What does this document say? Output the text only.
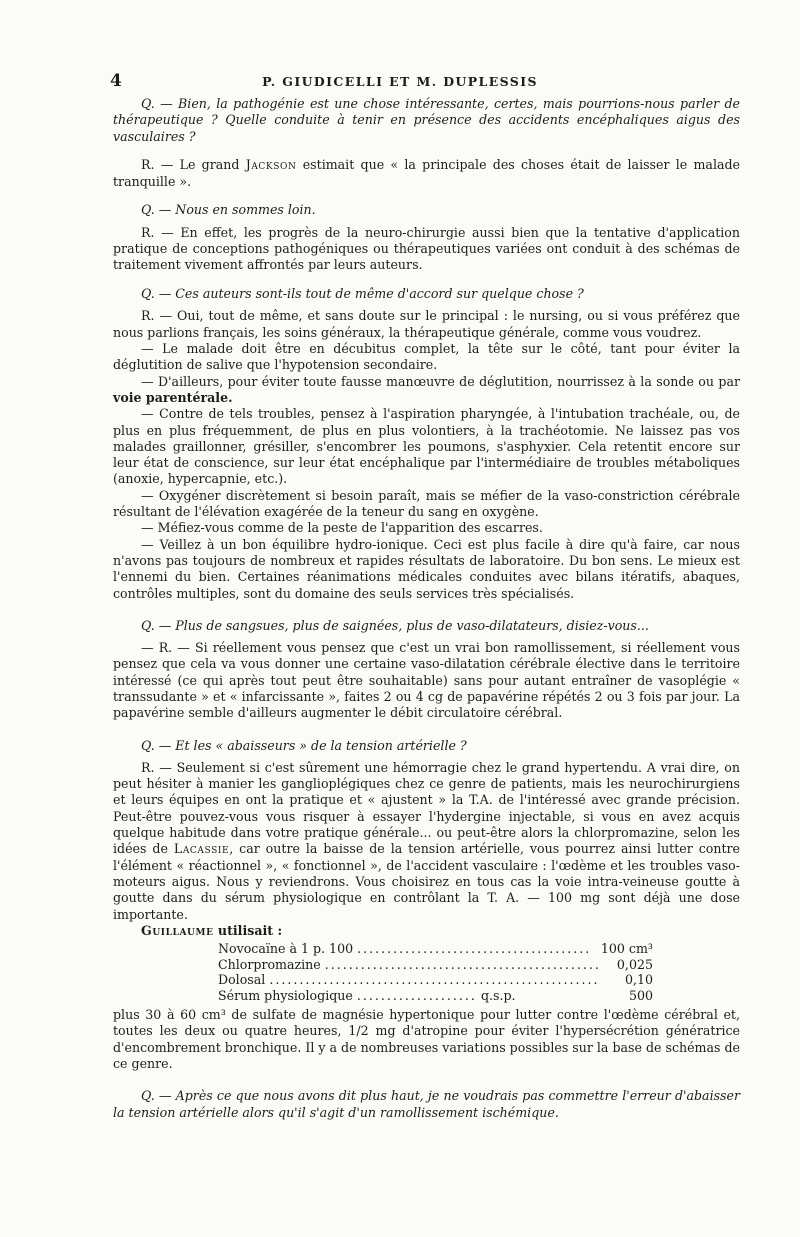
4	P. GIUDICELLI ET M. DUPLESSIS

Q. — Bien, la pathogénie est une chose intéressante, certes, mais pourrions-nous parler de thérapeutique ? Quelle conduite à tenir en présence des accidents encéphaliques aigus des vasculaires ?

R. — Le grand Jackson estimait que « la principale des choses était de laisser le malade tranquille ».

Q. — Nous en sommes loin.

R. — En effet, les progrès de la neuro-chirurgie aussi bien que la tentative d'application pratique de conceptions pathogéniques ou thérapeutiques variées ont conduit à des schémas de traitement vivement affrontés par leurs auteurs.

Q. — Ces auteurs sont-ils tout de même d'accord sur quelque chose ?

R. — Oui, tout de même, et sans doute sur le principal : le nursing, ou si vous préférez que nous parlions français, les soins généraux, la thérapeutique générale, comme vous voudrez.

— Le malade doit être en décubitus complet, la tête sur le côté, tant pour éviter la déglutition de salive que l'hypotension secondaire.

— D'ailleurs, pour éviter toute fausse manœuvre de déglutition, nourrissez à la sonde ou par voie parentérale.

— Contre de tels troubles, pensez à l'aspiration pharyngée, à l'intubation trachéale, ou, de plus en plus fréquemment, de plus en plus volontiers, à la trachéotomie. Ne laissez pas vos malades graillonner, grésiller, s'encombrer les poumons, s'asphyxier. Cela retentit encore sur leur état de conscience, sur leur état encéphalique par l'intermédiaire de troubles métaboliques (anoxie, hypercapnie, etc.).

— Oxygéner discrètement si besoin paraît, mais se méfier de la vaso-constriction cérébrale résultant de l'élévation exagérée de la teneur du sang en oxygène.

— Méfiez-vous comme de la peste de l'apparition des escarres.

— Veillez à un bon équilibre hydro-ionique. Ceci est plus facile à dire qu'à faire, car nous n'avons pas toujours de nombreux et rapides résultats de laboratoire. Du bon sens. Le mieux est l'ennemi du bien. Certaines réanimations médicales conduites avec bilans itératifs, abaques, contrôles multiples, sont du domaine des seuls services très spécialisés.

Q. — Plus de sangsues, plus de saignées, plus de vaso-dilatateurs, disiez-vous...

— R. — Si réellement vous pensez que c'est un vrai bon ramollissement, si réellement vous pensez que cela va vous donner une certaine vaso-dilatation cérébrale élective dans le territoire intéressé (ce qui après tout peut être souhaitable) sans pour autant entraîner de vasoplégie « transsudante » et « infarcissante », faites 2 ou 4 cg de papavérine répétés 2 ou 3 fois par jour. La papavérine semble d'ailleurs augmenter le débit circulatoire cérébral.

Q. — Et les « abaisseurs » de la tension artérielle ?

R. — Seulement si c'est sûrement une hémorragie chez le grand hypertendu. A vrai dire, on peut hésiter à manier les ganglioplégiques chez ce genre de patients, mais les neurochirurgiens et leurs équipes en ont la pratique et « ajustent » la T.A. de l'intéressé avec grande précision. Peut-être pouvez-vous vous risquer à essayer l'hydergine injectable, si vous en avez acquis quelque habitude dans votre pratique générale... ou peut-être alors la chlorpromazine, selon les idées de Lacassie, car outre la baisse de la tension artérielle, vous pourrez ainsi lutter contre l'élément « réactionnel », « fonctionnel », de l'accident vasculaire : l'œdème et les troubles vaso-moteurs aigus. Nous y reviendrons. Vous choisirez en tous cas la voie intra-veineuse goutte à goutte dans du sérum physiologique en contrôlant la T. A. — 100 mg sont déjà une dose importante.

Guillaume utilisait :

Novocaïne à 1 p. 100 .......................................	100 cm³
Chlorpromazine ..............................................	0,025
Dolosal .......................................................	0,10
Sérum physiologique .................... q.s.p.	500

plus 30 à 60 cm³ de sulfate de magnésie hypertonique pour lutter contre l'œdème cérébral et, toutes les deux ou quatre heures, 1/2 mg d'atropine pour éviter l'hypersécrétion génératrice d'encombrement bronchique. Il y a de nombreuses variations possibles sur la base de schémas de ce genre.

Q. — Après ce que nous avons dit plus haut, je ne voudrais pas commettre l'erreur d'abaisser la tension artérielle alors qu'il s'agit d'un ramollissement ischémique.
